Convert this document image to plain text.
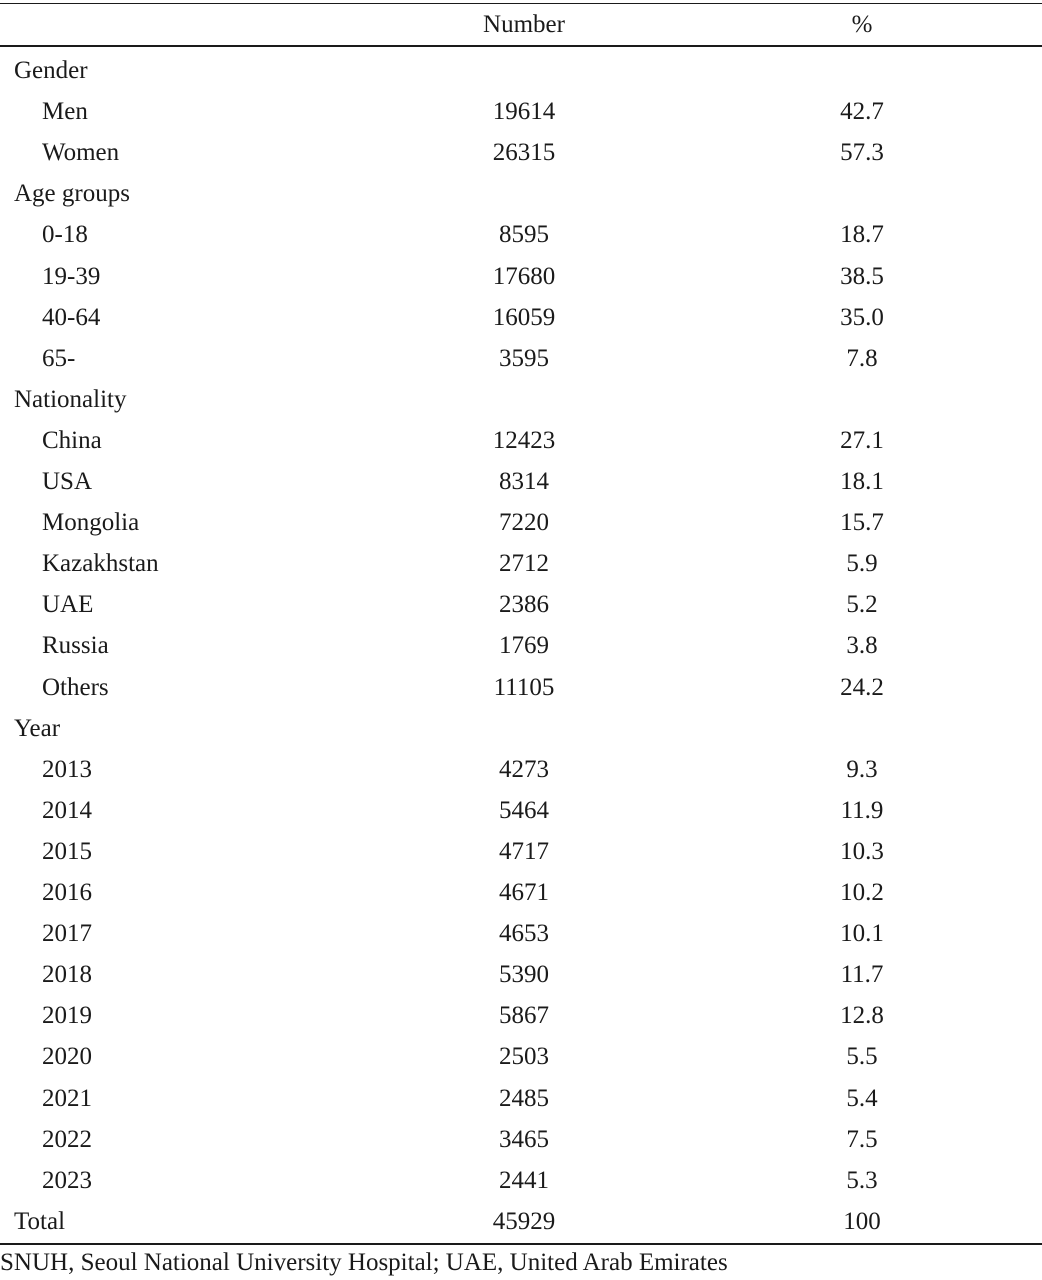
Number	%
Gender
Men	19614	42.7
Women	26315	57.3
Age groups
0-18	8595	18.7
19-39	17680	38.5
40-64	16059	35.0
65-	3595	7.8
Nationality
China	12423	27.1
USA	8314	18.1
Mongolia	7220	15.7
Kazakhstan	2712	5.9
UAE	2386	5.2
Russia	1769	3.8
Others	11105	24.2
Year
2013	4273	9.3
2014	5464	11.9
2015	4717	10.3
2016	4671	10.2
2017	4653	10.1
2018	5390	11.7
2019	5867	12.8
2020	2503	5.5
2021	2485	5.4
2022	3465	7.5
2023	2441	5.3
Total	45929	100
SNUH, Seoul National University Hospital; UAE, United Arab Emirates
